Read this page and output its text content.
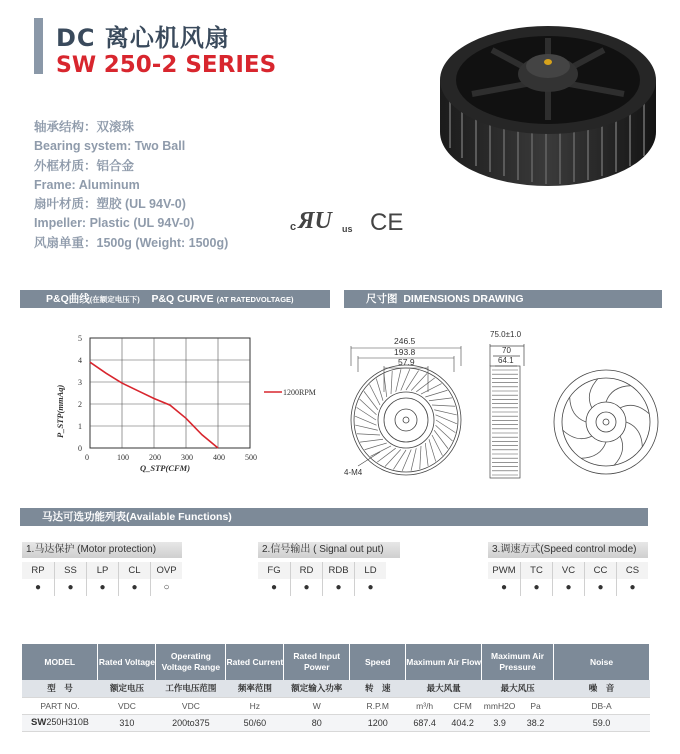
DC 离心机风扇
SW 250-2 SERIES
轴承结构：双滚珠
Bearing system: Two Ball
外框材质：铝合金
Frame: Aluminum
扇叶材质：塑胶 (UL 94V-0)
Impeller: Plastic (UL 94V-0)
风扇单重：1500g (Weight: 1500g)
c ЯU us CE
P&Q曲线(在额定电压下) P&Q CURVE (AT RATEDVOLTAGE)	尺寸图 DIMENSIONS DRAWING
0
1
2
3
4
5
0	100	200	300	400	500
1200RPM
Q_STP(CFM)
P_STP(mmAq)
246.5
193.8
57.9
4-M4
75.0±1.0
70
64.1
马达可选功能列表(Available Functions)
1.马达保护 (Motor protection)
RP	SS	LP	CL	OVP
●	●	●	●	○
2.信号输出 ( Signal out put)
FG	RD	RDB	LD
●	●	●	●
3.调速方式(Speed control mode)
PWM	TC	VC	CC	CS
●	●	●	●	●
MODEL	Rated Voltage	Operating Voltage Range	Rated Current	Rated Input Power	Speed	Maximum Air Flow		Maximum Air Pressure		Noise
型　号	额定电压	工作电压范围	频率范围	额定输入功率	转　速	最大风量		最大风压		噪　音
PART NO.	VDC	VDC	Hz	W	R.P.M	m³/h	CFM	mmH2O	Pa	DB-A
SW250H310B	310	200to375	50/60	80	1200	687.4	404.2	3.9	38.2	59.0
